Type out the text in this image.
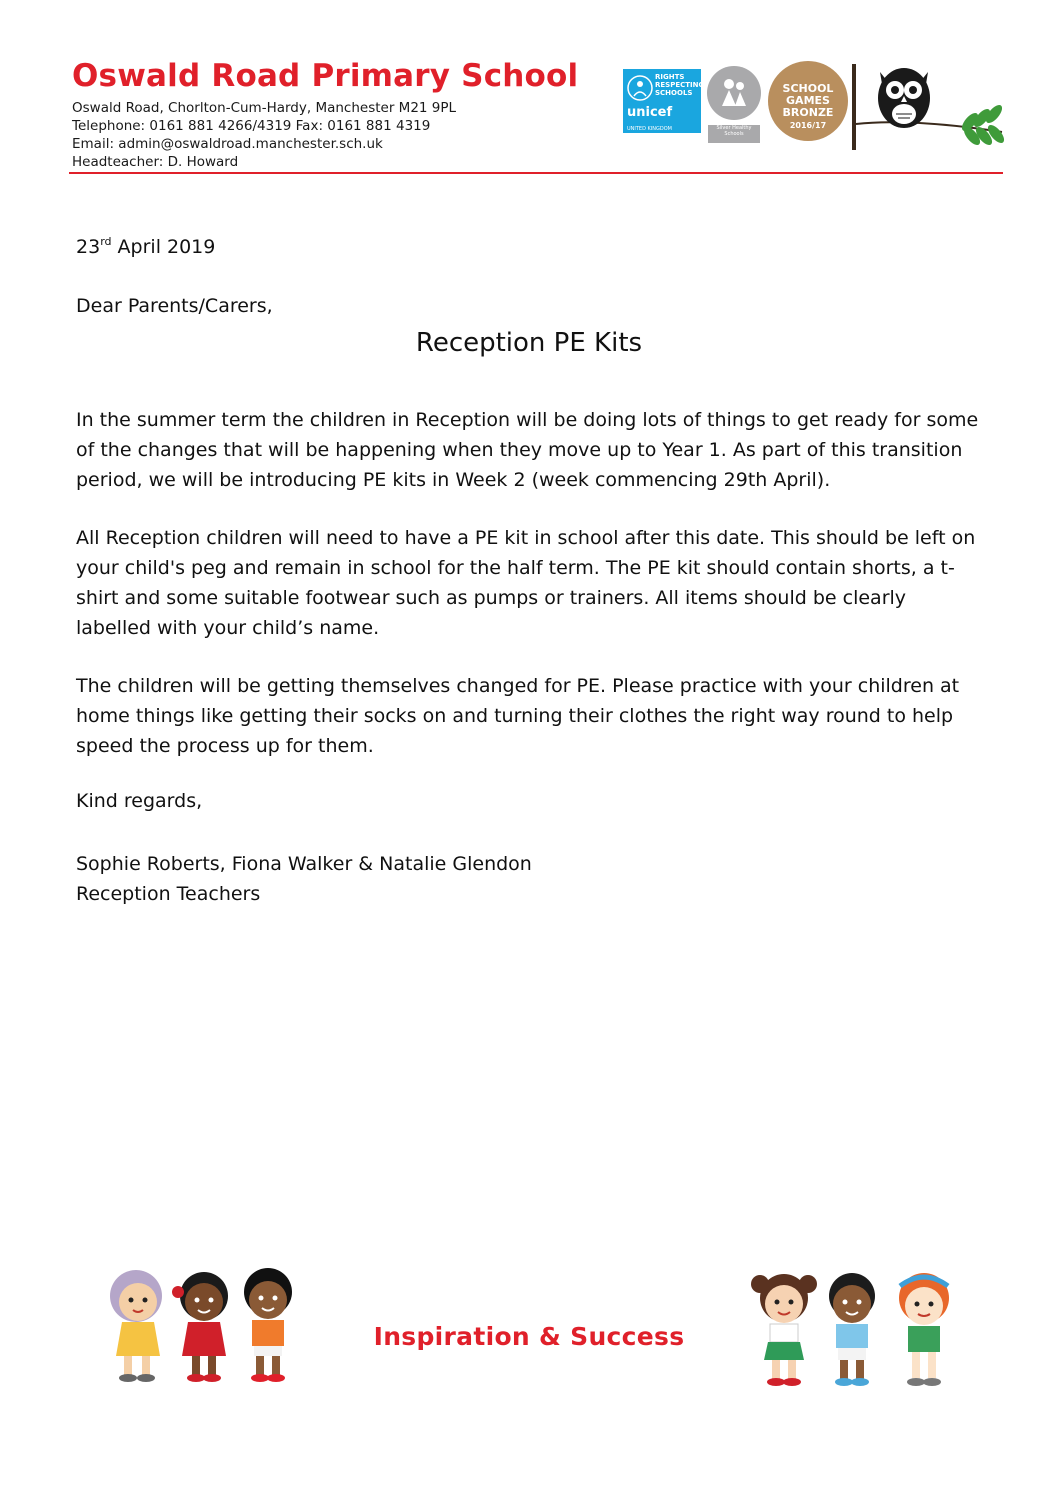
Oswald Road Primary School
Oswald Road, Chorlton-Cum-Hardy, Manchester M21 9PL
Telephone: 0161 881 4266/4319 Fax: 0161 881 4319
Email: admin@oswaldroad.manchester.sch.uk
Headteacher: D. Howard
RIGHTS RESPECTING SCHOOLS
unicef
UNITED KINGDOM	Silver Healthy Schools
SCHOOL GAMES
BRONZE
2016/17
23rd April 2019
Dear Parents/Carers,
Reception PE Kits
In the summer term the children in Reception will be doing lots of things to get ready for some of the changes that will be happening when they move up to Year 1. As part of this transition period, we will be introducing PE kits in Week 2 (week commencing 29th April).
All Reception children will need to have a PE kit in school after this date. This should be left on your child's peg and remain in school for the half term. The PE kit should contain shorts, a t-shirt and some suitable footwear such as pumps or trainers. All items should be clearly labelled with your child’s name.
The children will be getting themselves changed for PE. Please practice with your children at home things like getting their socks on and turning their clothes the right way round to help speed the process up for them.
Kind regards,
Sophie Roberts, Fiona Walker & Natalie Glendon
Reception Teachers
Inspiration & Success
